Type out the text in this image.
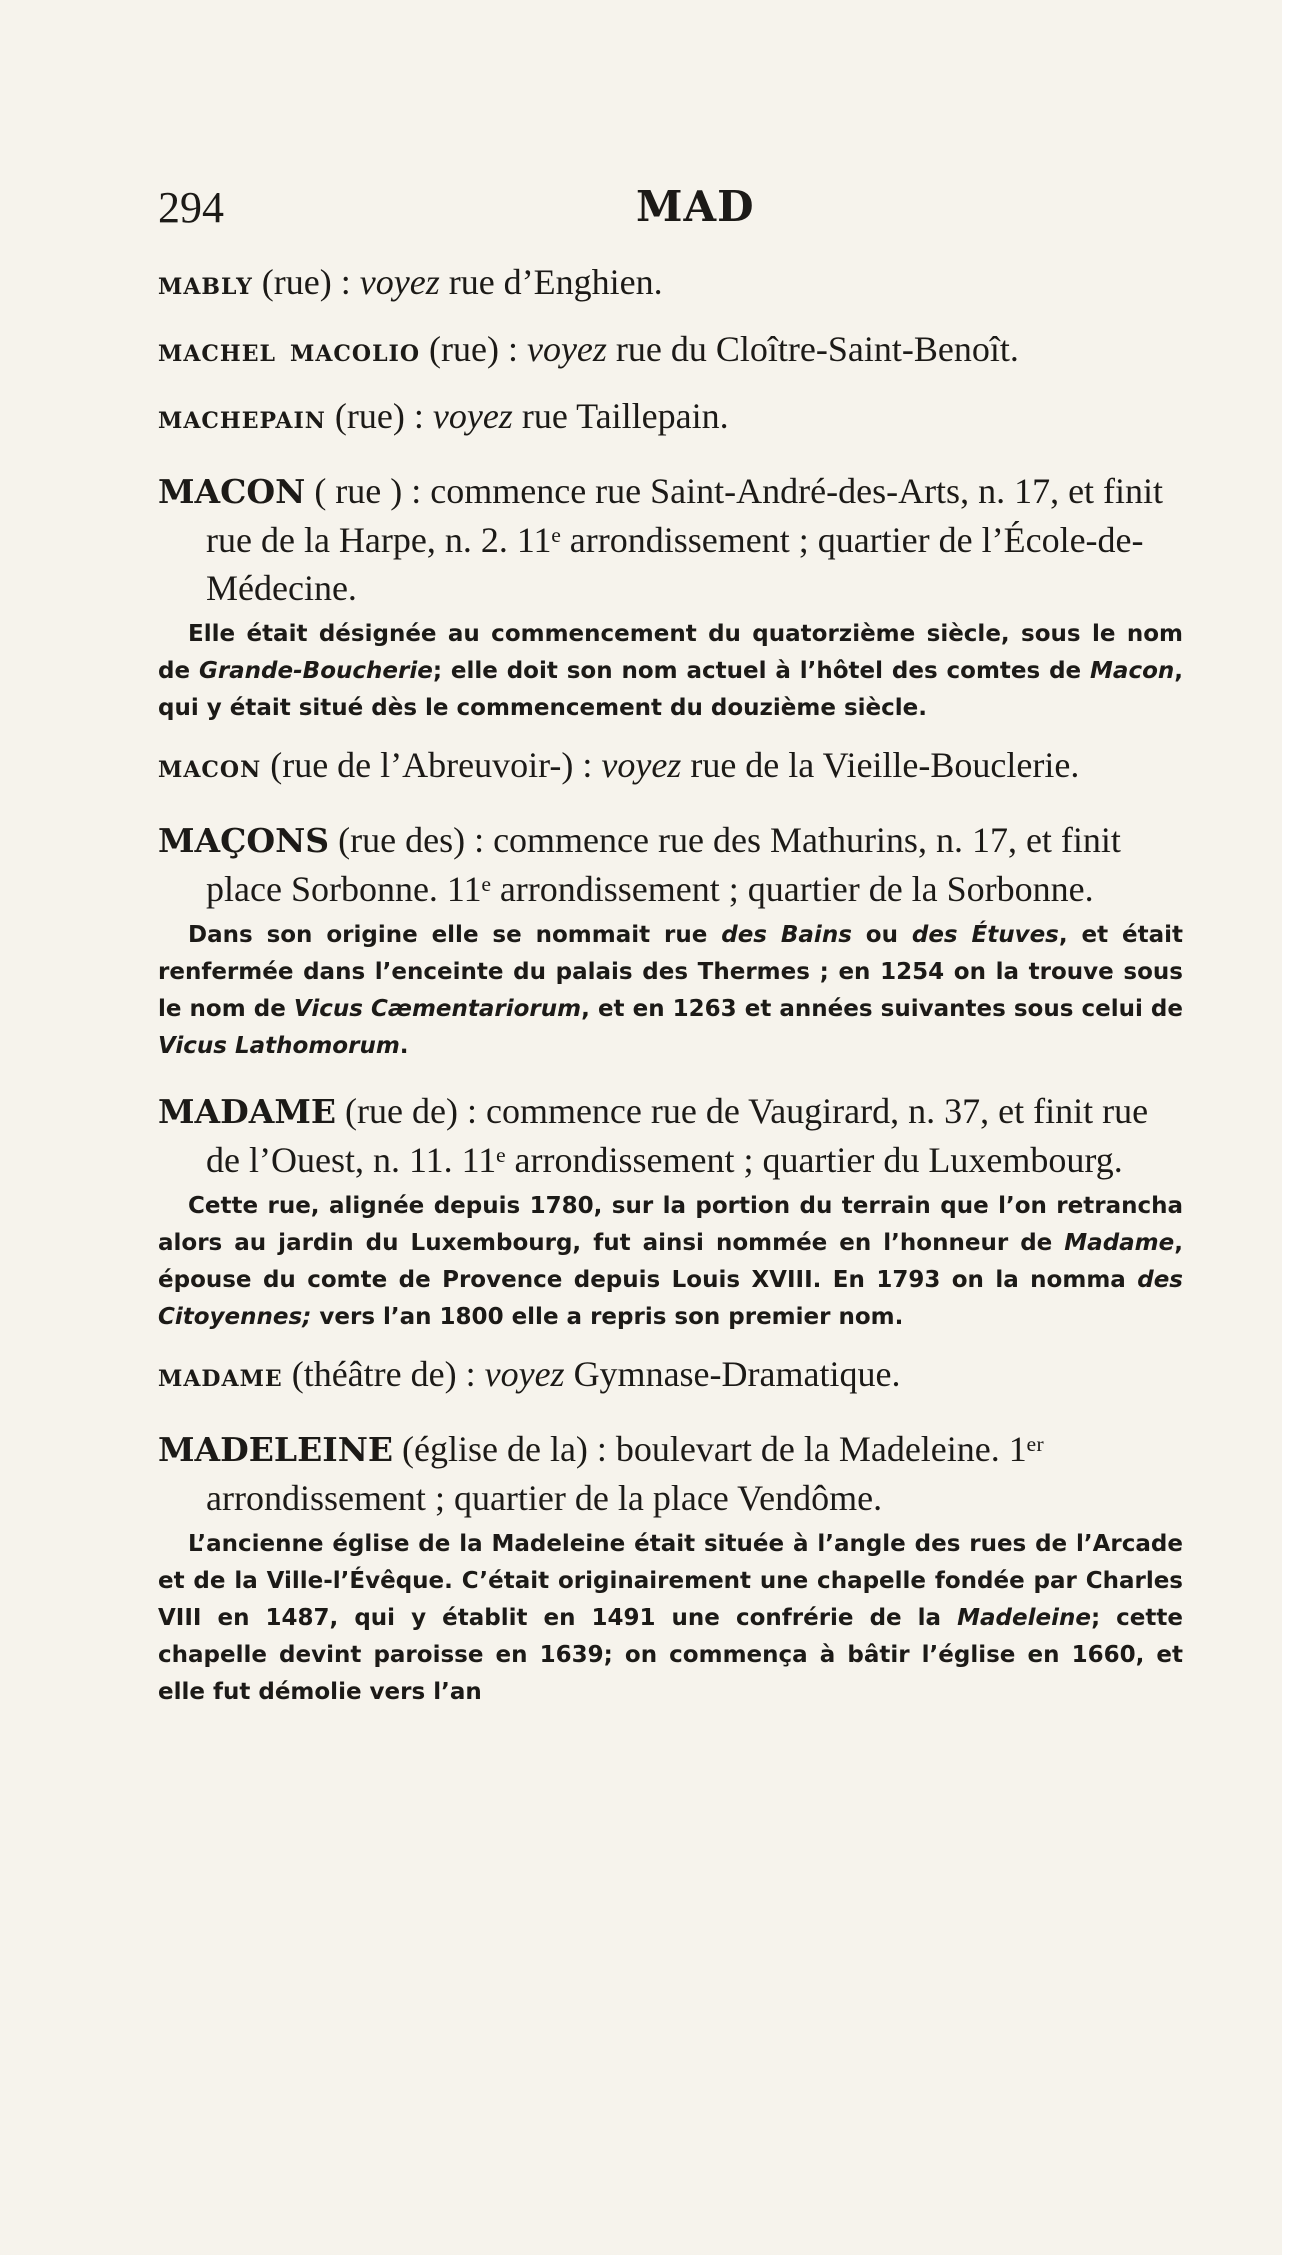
294	MAD
MABLY (rue) : voyez rue d’Enghien.
MACHEL MACOLIO (rue) : voyez rue du Cloître-Saint-Benoît.
MACHEPAIN (rue) : voyez rue Taillepain.
MACON ( rue ) : commence rue Saint-André-des-Arts, n. 17, et finit rue de la Harpe, n. 2. 11ᵉ arrondissement ; quartier de l’École-de-Médecine.
Elle était désignée au commencement du quatorzième siècle, sous le nom de Grande-Boucherie; elle doit son nom actuel à l’hôtel des comtes de Macon, qui y était situé dès le commencement du douzième siècle.
MACON (rue de l’Abreuvoir-) : voyez rue de la Vieille-Bouclerie.
MAÇONS (rue des) : commence rue des Mathurins, n. 17, et finit place Sorbonne. 11ᵉ arrondissement ; quartier de la Sorbonne.
Dans son origine elle se nommait rue des Bains ou des Étuves, et était renfermée dans l’enceinte du palais des Thermes ; en 1254 on la trouve sous le nom de Vicus Cæmentariorum, et en 1263 et années suivantes sous celui de Vicus Lathomorum.
MADAME (rue de) : commence rue de Vaugirard, n. 37, et finit rue de l’Ouest, n. 11. 11ᵉ arrondissement ; quartier du Luxembourg.
Cette rue, alignée depuis 1780, sur la portion du terrain que l’on retrancha alors au jardin du Luxembourg, fut ainsi nommée en l’honneur de Madame, épouse du comte de Provence depuis Louis XVIII. En 1793 on la nomma des Citoyennes; vers l’an 1800 elle a repris son premier nom.
MADAME (théâtre de) : voyez Gymnase-Dramatique.
MADELEINE (église de la) : boulevart de la Madeleine. 1ᵉʳ arrondissement ; quartier de la place Vendôme.
L’ancienne église de la Madeleine était située à l’angle des rues de l’Arcade et de la Ville-l’Évêque. C’était originairement une chapelle fondée par Charles VIII en 1487, qui y établit en 1491 une confrérie de la Madeleine; cette chapelle devint paroisse en 1639; on commença à bâtir l’église en 1660, et elle fut démolie vers l’an
